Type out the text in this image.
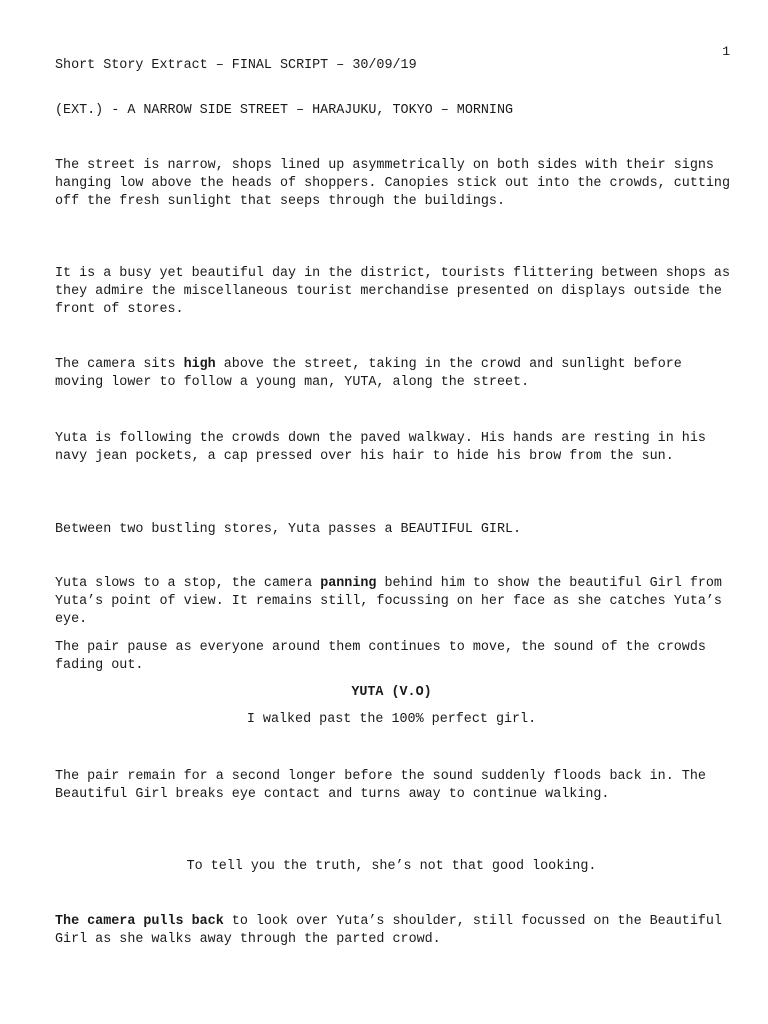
1
Short Story Extract – FINAL SCRIPT – 30/09/19
(EXT.) - A NARROW SIDE STREET – HARAJUKU, TOKYO – MORNING

The street is narrow, shops lined up asymmetrically on both sides with their signs hanging low above the heads of shoppers. Canopies stick out into the crowds, cutting off the fresh sunlight that seeps through the buildings.

It is a busy yet beautiful day in the district, tourists flittering between shops as they admire the miscellaneous tourist merchandise presented on displays outside the front of stores.

The camera sits high above the street, taking in the crowd and sunlight before moving lower to follow a young man, YUTA, along the street.

Yuta is following the crowds down the paved walkway. His hands are resting in his navy jean pockets, a cap pressed over his hair to hide his brow from the sun.

Between two bustling stores, Yuta passes a BEAUTIFUL GIRL.

Yuta slows to a stop, the camera panning behind him to show the beautiful Girl from Yuta’s point of view. It remains still, focussing on her face as she catches Yuta’s eye.

The pair pause as everyone around them continues to move, the sound of the crowds fading out.

YUTA (V.O)
I walked past the 100% perfect girl.

The pair remain for a second longer before the sound suddenly floods back in. The Beautiful Girl breaks eye contact and turns away to continue walking.

To tell you the truth, she’s not that good looking.

The camera pulls back to look over Yuta’s shoulder, still focussed on the Beautiful Girl as she walks away through the parted crowd.
